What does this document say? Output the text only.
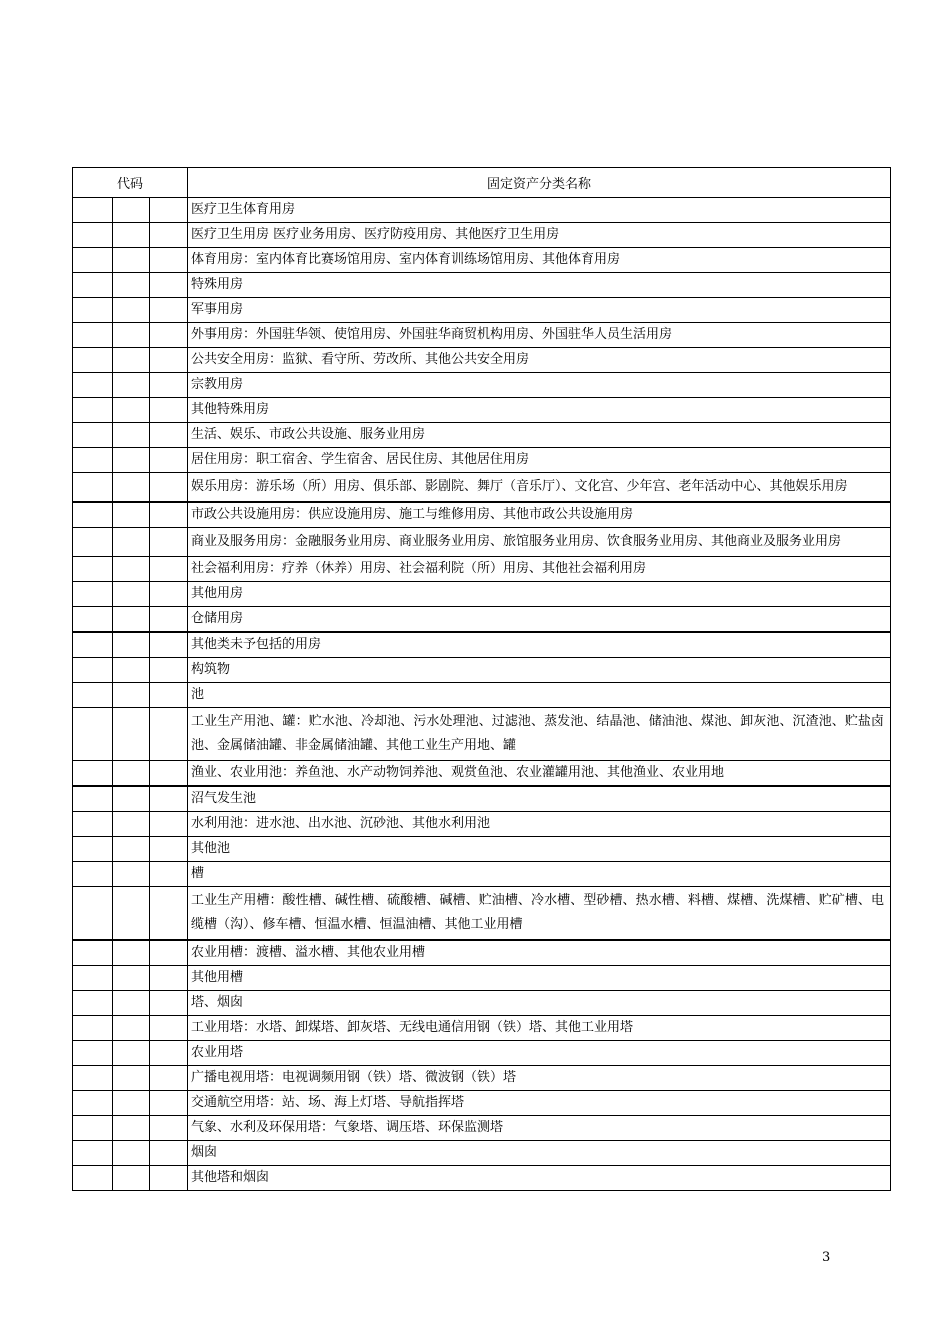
代码			固定资产分类名称
			医疗卫生体育用房
			医疗卫生用房 医疗业务用房、医疗防疫用房、其他医疗卫生用房
			体育用房：室内体育比赛场馆用房、室内体育训练场馆用房、其他体育用房
			特殊用房
			军事用房
			外事用房：外国驻华领、使馆用房、外国驻华商贸机构用房、外国驻华人员生活用房
			公共安全用房：监狱、看守所、劳改所、其他公共安全用房
			宗教用房
			其他特殊用房
			生活、娱乐、市政公共设施、服务业用房
			居住用房：职工宿舍、学生宿舍、居民住房、其他居住用房
			娱乐用房：游乐场（所）用房、俱乐部、影剧院、舞厅（音乐厅）、文化宫、少年宫、老年活动中心、其他娱乐用房
			市政公共设施用房：供应设施用房、施工与维修用房、其他市政公共设施用房
			商业及服务用房：金融服务业用房、商业服务业用房、旅馆服务业用房、饮食服务业用房、其他商业及服务业用房
			社会福利用房：疗养（休养）用房、社会福利院（所）用房、其他社会福利用房
			其他用房
			仓储用房
			其他类未予包括的用房
			构筑物
			池
			工业生产用池、罐：贮水池、冷却池、污水处理池、过滤池、蒸发池、结晶池、储油池、煤池、卸灰池、沉渣池、贮盐卤池、金属储油罐、非金属储油罐、其他工业生产用地、罐
			渔业、农业用池：养鱼池、水产动物饲养池、观赏鱼池、农业灌罐用池、其他渔业、农业用地
			沼气发生池
			水利用池：进水池、出水池、沉砂池、其他水利用池
			其他池
			槽
			工业生产用槽：酸性槽、碱性槽、硫酸槽、碱槽、贮油槽、冷水槽、型砂槽、热水槽、料槽、煤槽、洗煤槽、贮矿槽、电缆槽（沟）、修车槽、恒温水槽、恒温油槽、其他工业用槽
			农业用槽：渡槽、溢水槽、其他农业用槽
			其他用槽
			塔、烟囱
			工业用塔：水塔、卸煤塔、卸灰塔、无线电通信用钢（铁）塔、其他工业用塔
			农业用塔
			广播电视用塔：电视调频用钢（铁）塔、微波钢（铁）塔
			交通航空用塔：站、场、海上灯塔、导航指挥塔
			气象、水利及环保用塔：气象塔、调压塔、环保监测塔
			烟囱
			其他塔和烟囱
3
